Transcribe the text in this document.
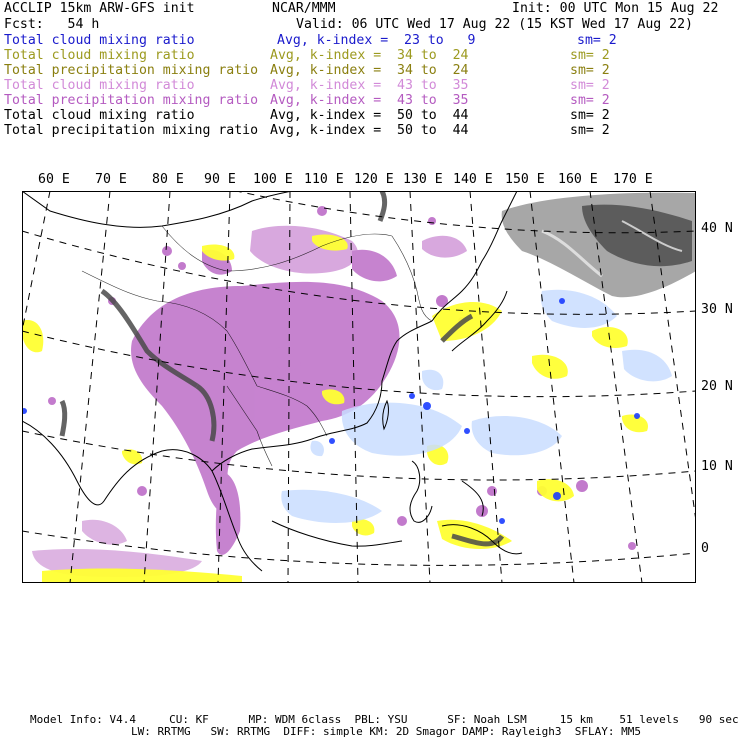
ACCLIP 15km ARW-GFS init	NCAR/MMM	Init: 00 UTC Mon 15 Aug 22
Fcst:   54 h	Valid: 06 UTC Wed 17 Aug 22 (15 KST Wed 17 Aug 22)
Total cloud mixing ratio	Avg, k-index =  23 to   9	sm= 2
Total cloud mixing ratio	Avg, k-index =  34 to  24	sm= 2
Total precipitation mixing ratio Avg, k-index =  34 to  24	sm= 2
Total cloud mixing ratio	Avg, k-index =  43 to  35	sm= 2
Total precipitation mixing ratio Avg, k-index =  43 to  35	sm= 2
Total cloud mixing ratio	Avg, k-index =  50 to  44	sm= 2
Total precipitation mixing ratio Avg, k-index =  50 to  44	sm= 2
60 E 70 E 80 E 90 E 100 E 110 E 120 E 130 E 140 E 150 E 160 E 170 E
40 N
30 N
20 N
10 N
0
Model Info: V4.4     CU: KF      MP: WDM 6class  PBL: YSU      SF: Noah LSM     15 km    51 levels   90 sec
LW: RRTMG   SW: RRTMG  DIFF: simple KM: 2D Smagor DAMP: Rayleigh3  SFLAY: MM5
